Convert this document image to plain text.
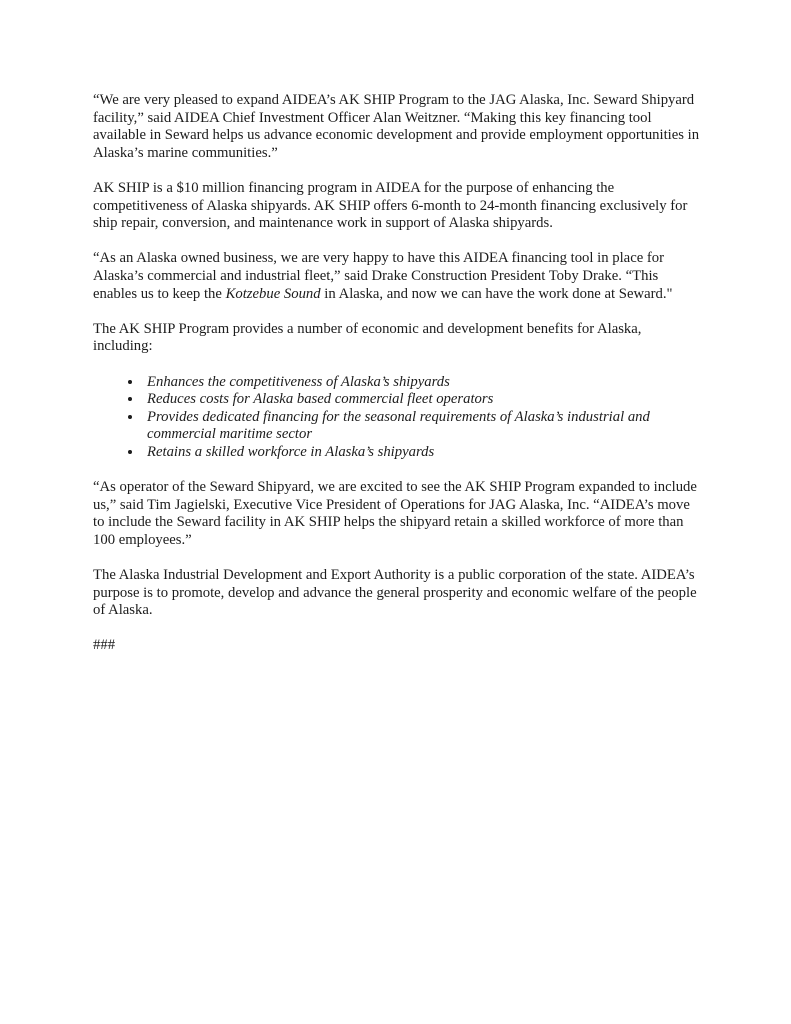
“We are very pleased to expand AIDEA’s AK SHIP Program to the JAG Alaska, Inc. Seward Shipyard facility,” said AIDEA Chief Investment Officer Alan Weitzner. “Making this key financing tool available in Seward helps us advance economic development and provide employment opportunities in Alaska’s marine communities.”

AK SHIP is a $10 million financing program in AIDEA for the purpose of enhancing the competitiveness of Alaska shipyards. AK SHIP offers 6-month to 24-month financing exclusively for ship repair, conversion, and maintenance work in support of Alaska shipyards.

“As an Alaska owned business, we are very happy to have this AIDEA financing tool in place for Alaska’s commercial and industrial fleet,” said Drake Construction President Toby Drake. “This enables us to keep the Kotzebue Sound in Alaska, and now we can have the work done at Seward."

The AK SHIP Program provides a number of economic and development benefits for Alaska, including:

• Enhances the competitiveness of Alaska’s shipyards
• Reduces costs for Alaska based commercial fleet operators
• Provides dedicated financing for the seasonal requirements of Alaska’s industrial and commercial maritime sector
• Retains a skilled workforce in Alaska’s shipyards

“As operator of the Seward Shipyard, we are excited to see the AK SHIP Program expanded to include us,” said Tim Jagielski, Executive Vice President of Operations for JAG Alaska, Inc. “AIDEA’s move to include the Seward facility in AK SHIP helps the shipyard retain a skilled workforce of more than 100 employees.”

The Alaska Industrial Development and Export Authority is a public corporation of the state. AIDEA’s purpose is to promote, develop and advance the general prosperity and economic welfare of the people of Alaska.

###
